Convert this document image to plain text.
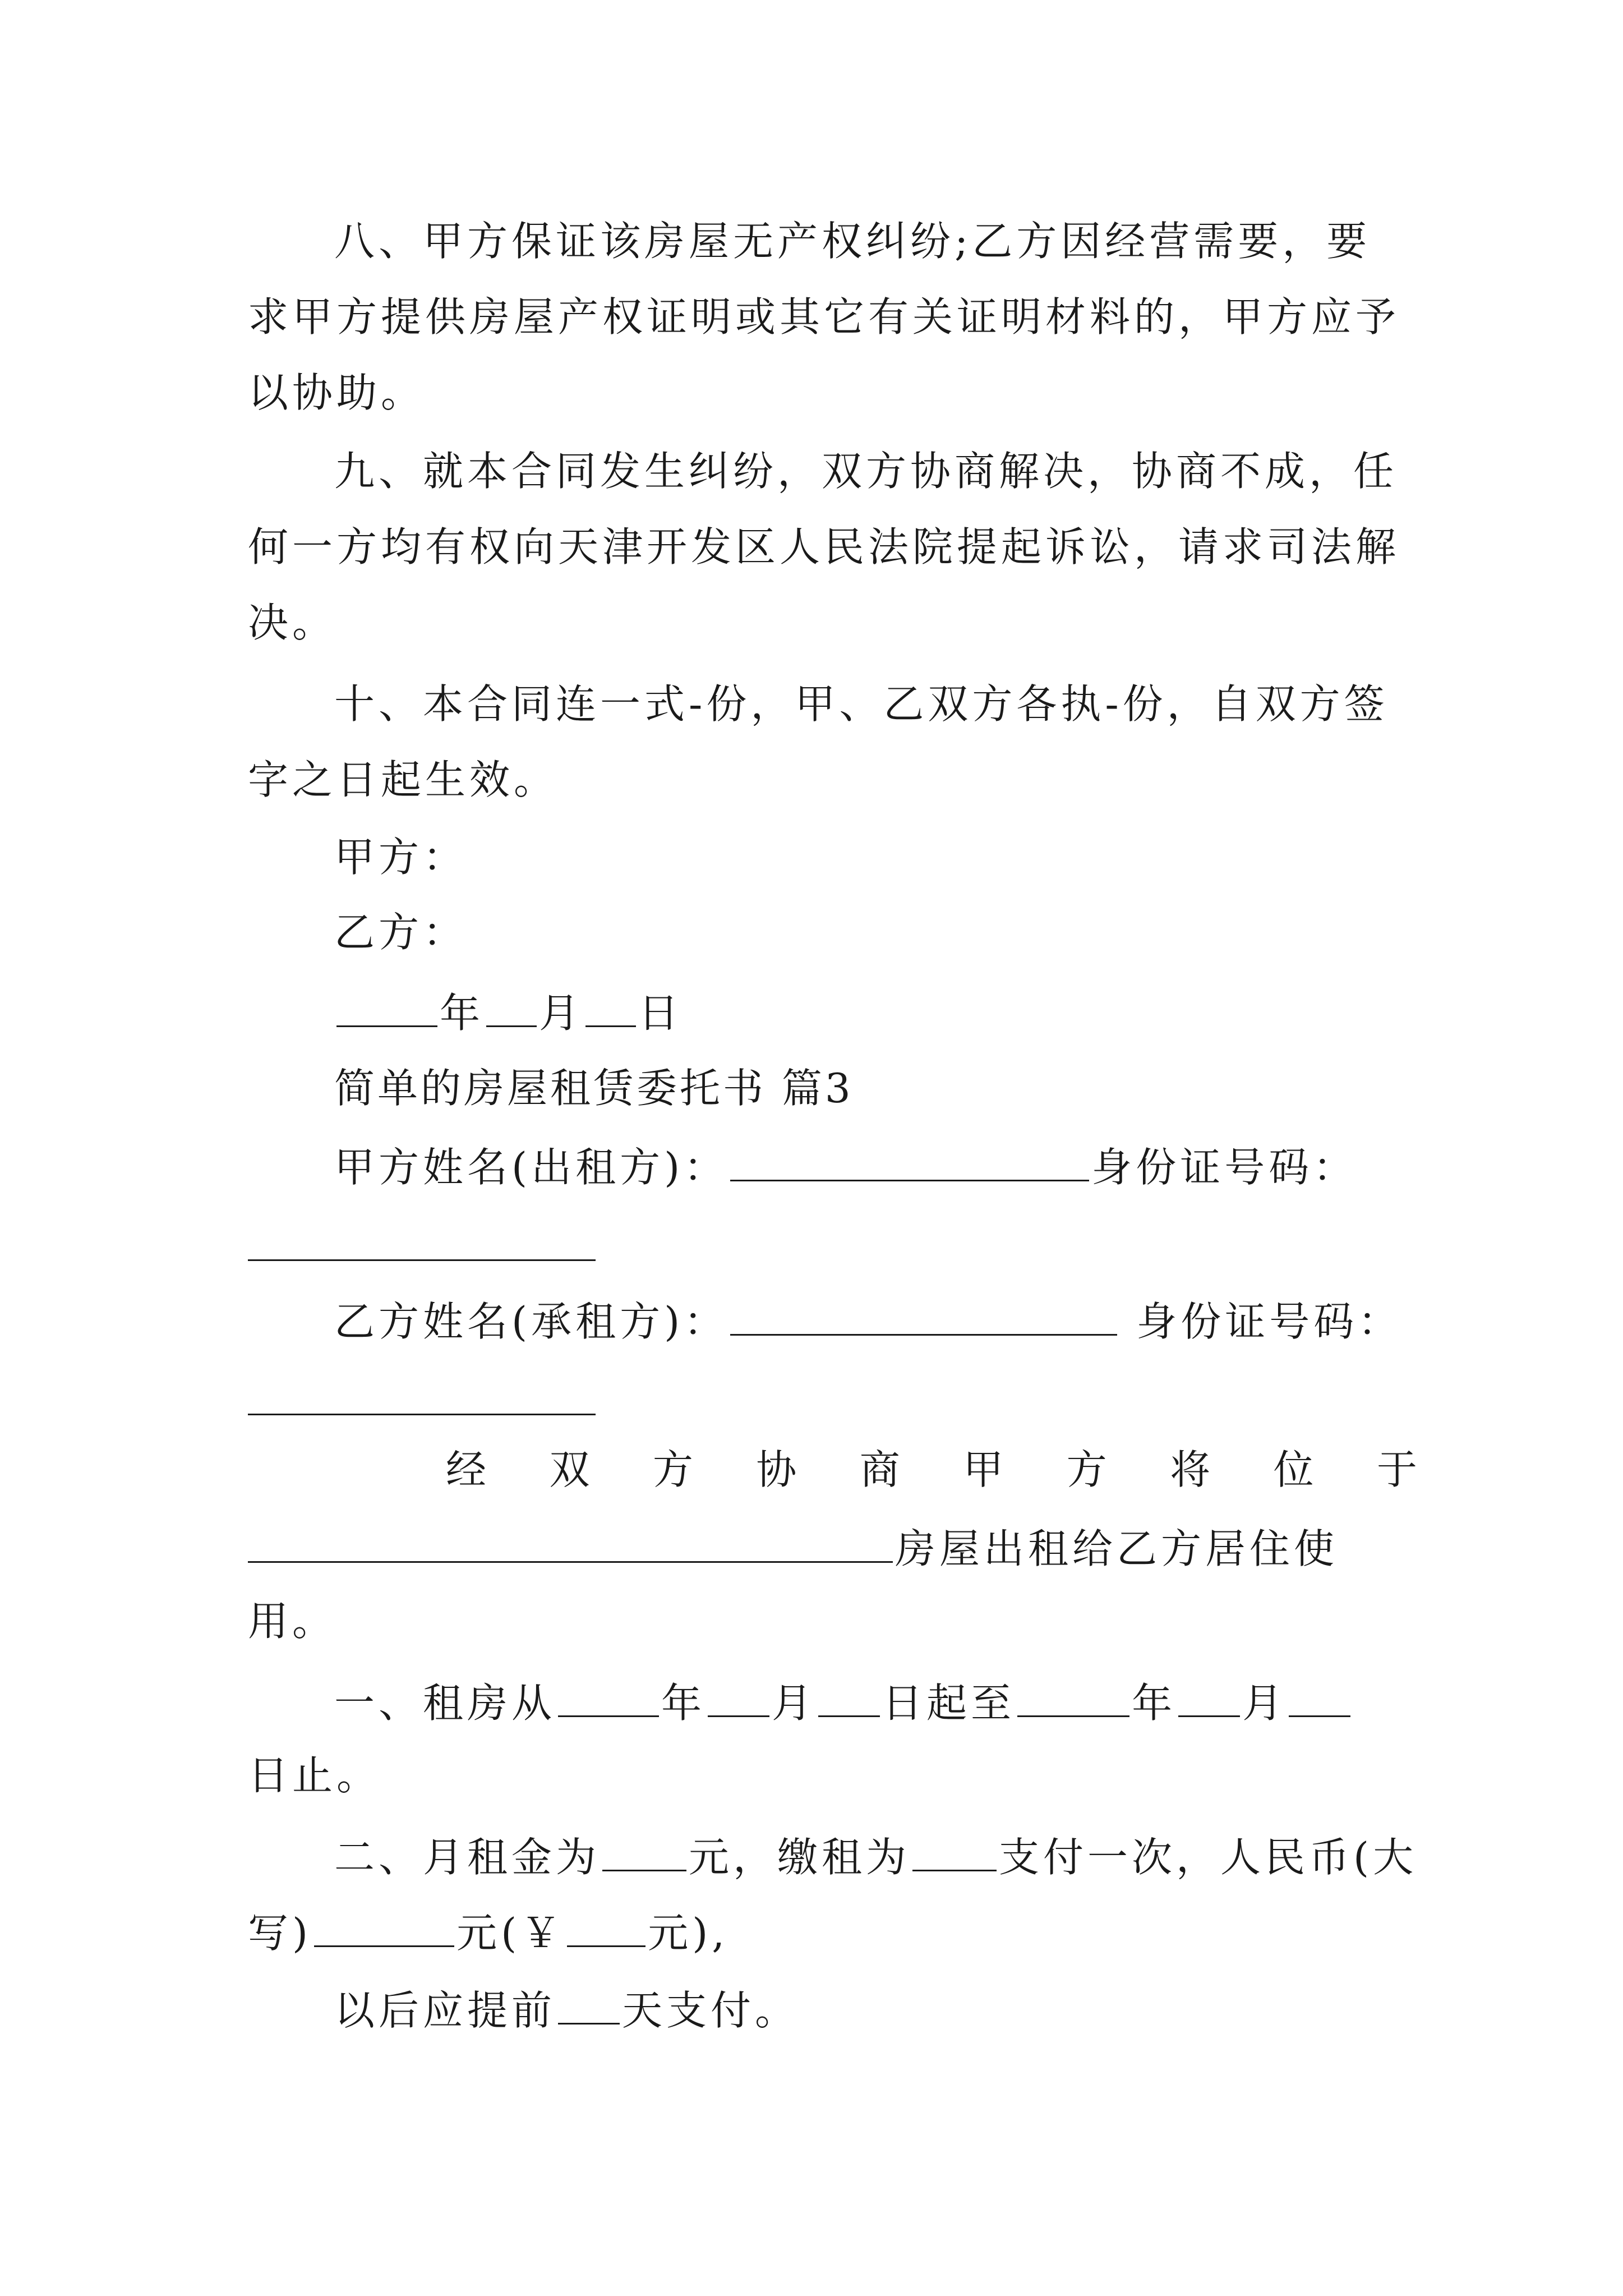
八、甲方保证该房屋无产权纠纷;乙方因经营需要，要
求甲方提供房屋产权证明或其它有关证明材料的，甲方应予
以协助。
九、就本合同发生纠纷，双方协商解决，协商不成，任
何一方均有权向天津开发区人民法院提起诉讼，请求司法解
决。
十、本合同连一式-份，甲、乙双方各执-份，自双方签
字之日起生效。
甲方：
乙方：
年 月 日
简单的房屋租赁委托书 篇3
甲方姓名(出租方)：	身份证号码：
乙方姓名(承租方)：	身份证号码：
经 双 方 协 商 甲 方 将 位 于
房屋出租给乙方居住使
用。
一、租房从	年 月 日起至	年 月
日止。
二、月租金为 元，缴租为 支付一次，人民币(大
写)	元(￥ 元),
以后应提前 天支付。
